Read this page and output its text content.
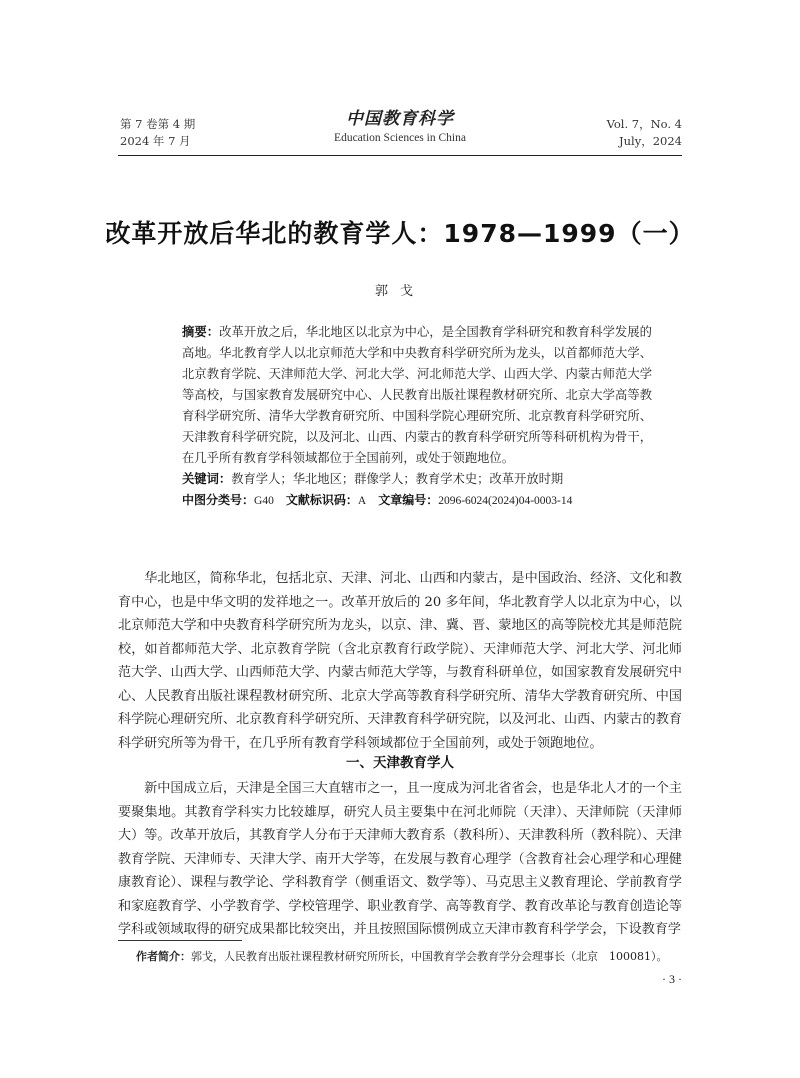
第 7 卷第 4 期
2024 年 7 月
中国教育科学
Education Sciences in China
Vol. 7，No. 4
July，2024
改革开放后华北的教育学人：1978—1999（一）
郭戈

摘要：改革开放之后，华北地区以北京为中心，是全国教育学科研究和教育科学发展的高地。华北教育学人以北京师范大学和中央教育科学研究所为龙头，以首都师范大学、北京教育学院、天津师范大学、河北大学、河北师范大学、山西大学、内蒙古师范大学等高校，与国家教育发展研究中心、人民教育出版社课程教材研究所、北京大学高等教育科学研究所、清华大学教育研究所、中国科学院心理研究所、北京教育科学研究所、天津教育科学研究院，以及河北、山西、内蒙古的教育科学研究所等科研机构为骨干，在几乎所有教育学科领域都位于全国前列，或处于领跑地位。

关键词：教育学人；华北地区；群像学人；教育学术史；改革开放时期

中图分类号：G40　 文献标识码：A　 文章编号：2096-6024(2024)04-0003-14

华北地区，简称华北，包括北京、天津、河北、山西和内蒙古，是中国政治、经济、文化和教育中心，也是中华文明的发祥地之一。改革开放后的 20 多年间，华北教育学人以北京为中心，以北京师范大学和中央教育科学研究所为龙头，以京、津、冀、晋、蒙地区的高等院校尤其是师范院校，如首都师范大学、北京教育学院（含北京教育行政学院）、天津师范大学、河北大学、河北师范大学、山西大学、山西师范大学、内蒙古师范大学等，与教育科研单位，如国家教育发展研究中心、人民教育出版社课程教材研究所、北京大学高等教育科学研究所、清华大学教育研究所、中国科学院心理研究所、北京教育科学研究所、天津教育科学研究院，以及河北、山西、内蒙古的教育科学研究所等为骨干，在几乎所有教育学科领域都位于全国前列，或处于领跑地位。

一、天津教育学人

新中国成立后，天津是全国三大直辖市之一，且一度成为河北省省会，也是华北人才的一个主要聚集地。其教育学科实力比较雄厚，研究人员主要集中在河北师院（天津）、天津师院（天津师大）等。改革开放后，其教育学人分布于天津师大教育系（教科所）、天津教科所（教科院）、天津教育学院、天津师专、天津大学、南开大学等，在发展与教育心理学（含教育社会心理学和心理健康教育论）、课程与教学论、学科教育学（侧重语文、数学等）、马克思主义教育理论、学前教育学和家庭教育学、小学教育学、学校管理学、职业教育学、高等教育学、教育改革论与教育创造论等学科或领域取得的研究成果都比较突出，并且按照国际惯例成立天津市教育科学学会，下设教育学

作者简介：郭戈，人民教育出版社课程教材研究所所长，中国教育学会教育学分会理事长（北京　100081）。
· 3 ·
